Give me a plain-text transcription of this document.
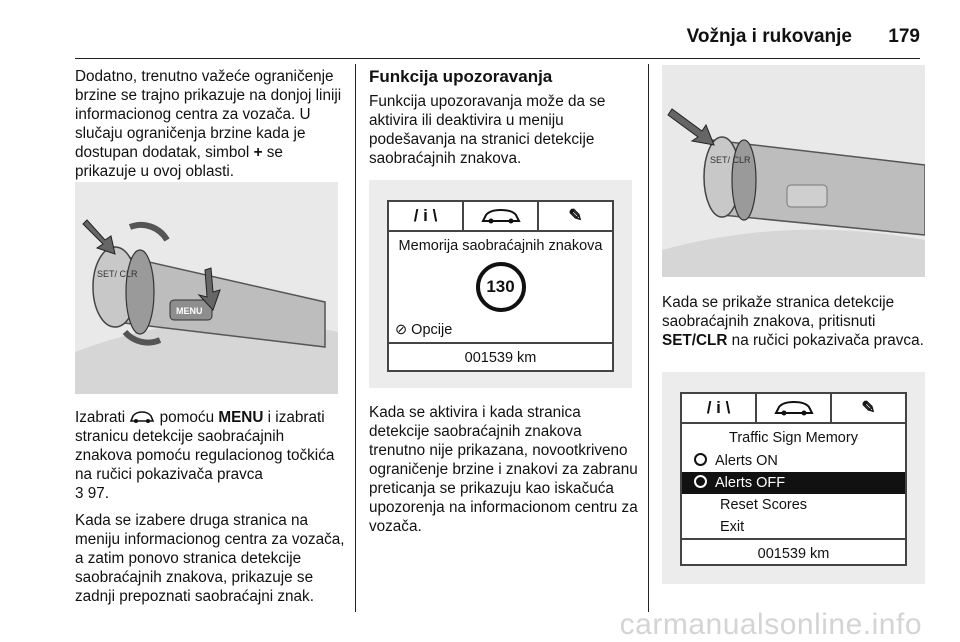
Vožnja i rukovanje 179

Dodatno, trenutno važeće ograničenje brzine se trajno prikazuje na donjoj liniji informacionog centra za vozača. U slučaju ograničenja brzine kada je dostupan dodatak, simbol + se prikazuje u ovoj oblasti.

SET/ CLR
MENU

Izabrati  pomoću MENU i izabrati stranicu detekcije saobraćajnih znakova pomoću regulacionog točkića na ručici pokazivača pravca
3 97.

Kada se izabere druga stranica na meniju informacionog centra za vozača, a zatim ponovo stranica detekcije saobraćajnih znakova, prikazuje se zadnji prepoznati saobraćajni znak.

Funkcija upozoravanja

Funkcija upozoravanja može da se aktivira ili deaktivira u meniju podešavanja na stranici detekcije saobraćajnih znakova.

/ i \	✎
Memorija saobraćajnih znakova
130
⊘ Opcije
001539 km

Kada se aktivira i kada stranica detekcije saobraćajnih znakova trenutno nije prikazana, novootkriveno ograničenje brzine i znakovi za zabranu preticanja se prikazuju kao iskačuća upozorenja na informacionom centru za vozača.

SET/ CLR

Kada se prikaže stranica detekcije saobraćajnih znakova, pritisnuti SET/CLR na ručici pokazivača pravca.

/ i \	✎
Traffic Sign Memory
Alerts ON
Alerts OFF
Reset Scores
Exit
001539 km
carmanualsonline.info
